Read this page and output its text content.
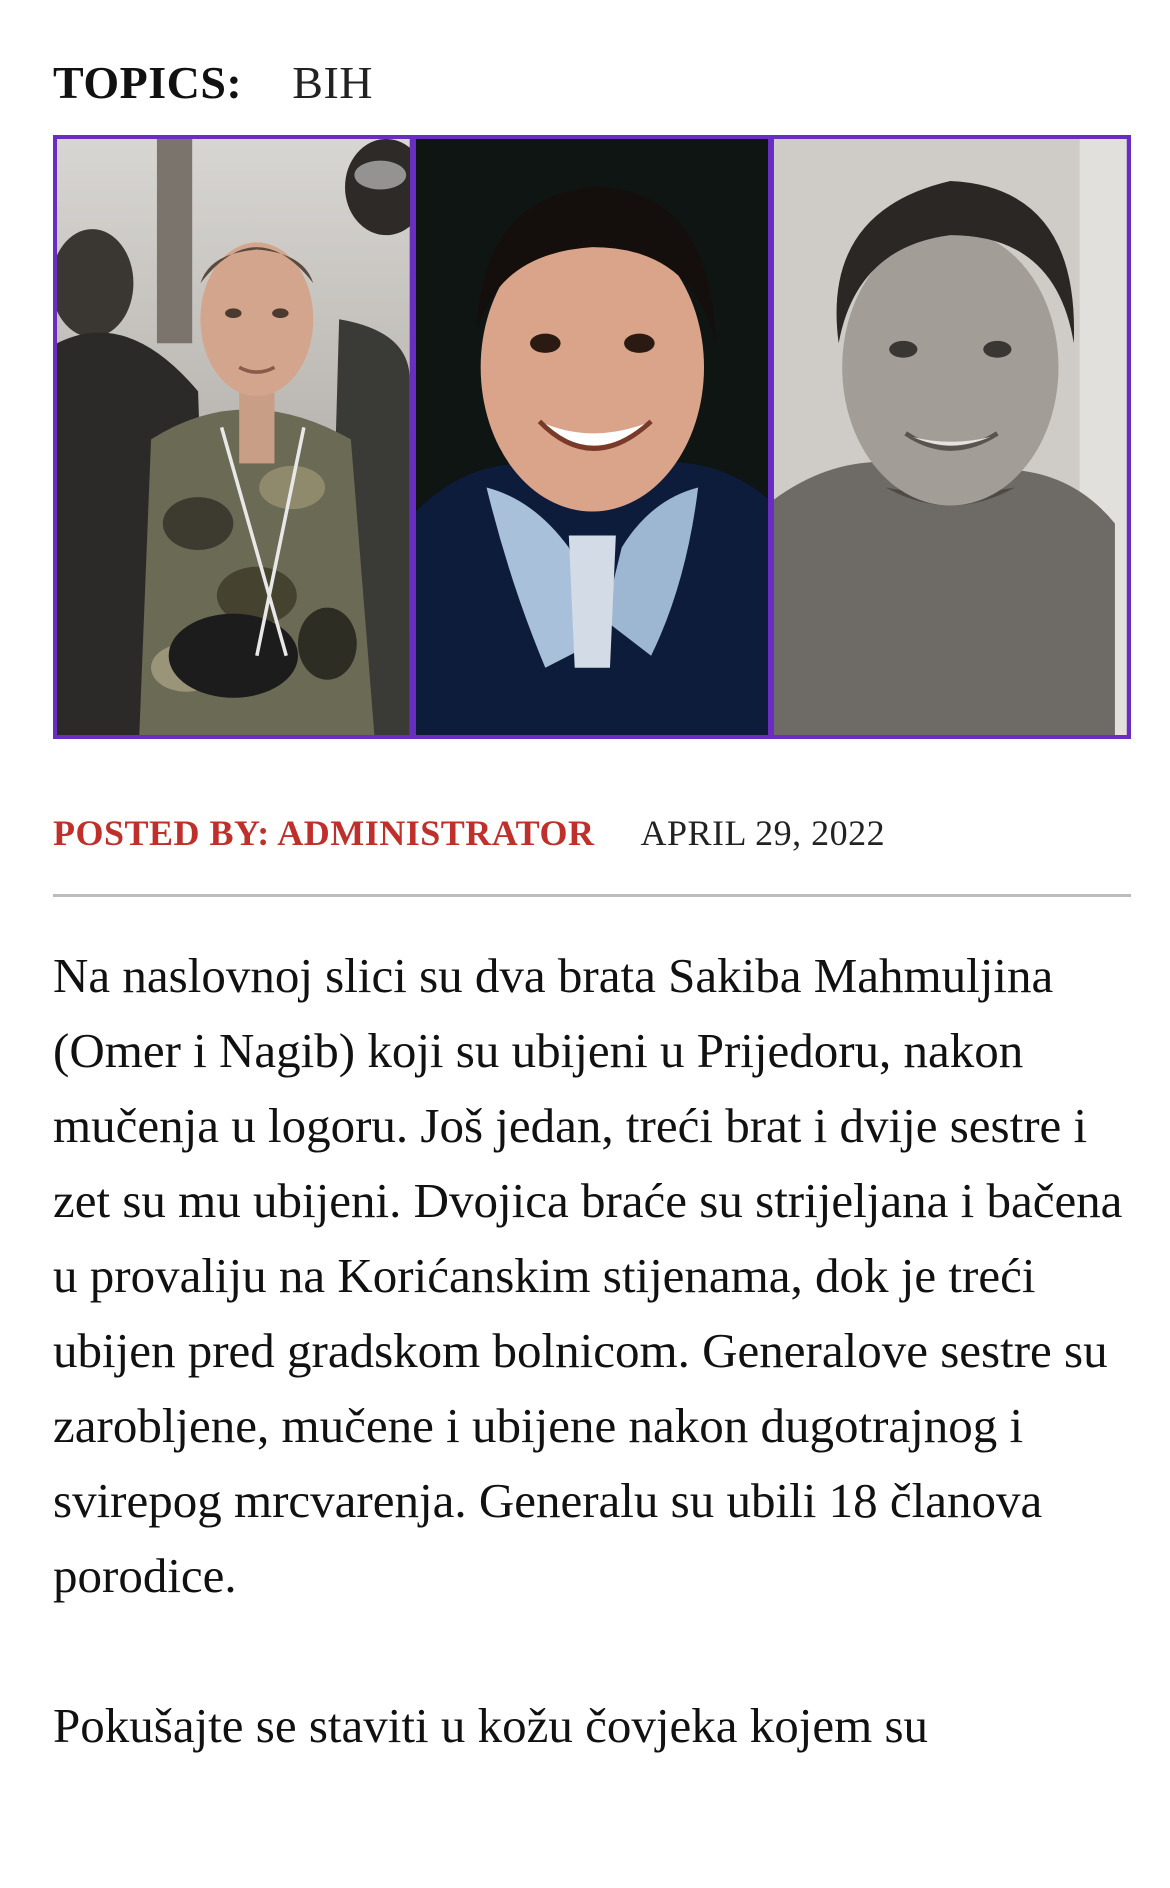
TOPICS: BIH
POSTED BY: ADMINISTRATOR APRIL 29, 2022

Na naslovnoj slici su dva brata Sakiba Mahmuljina (Omer i Nagib) koji su ubijeni u Prijedoru, nakon mučenja u logoru. Još jedan, treći brat i dvije sestre i zet su mu ubijeni. Dvojica braće su strijeljana i bačena u provaliju na Korićanskim stijenama, dok je treći ubijen pred gradskom bolnicom. Generalove sestre su zarobljene, mučene i ubijene nakon dugotrajnog i svirepog mrcvarenja. Generalu su ubili 18 članova porodice.

Pokušajte se staviti u kožu čovjeka kojem su
